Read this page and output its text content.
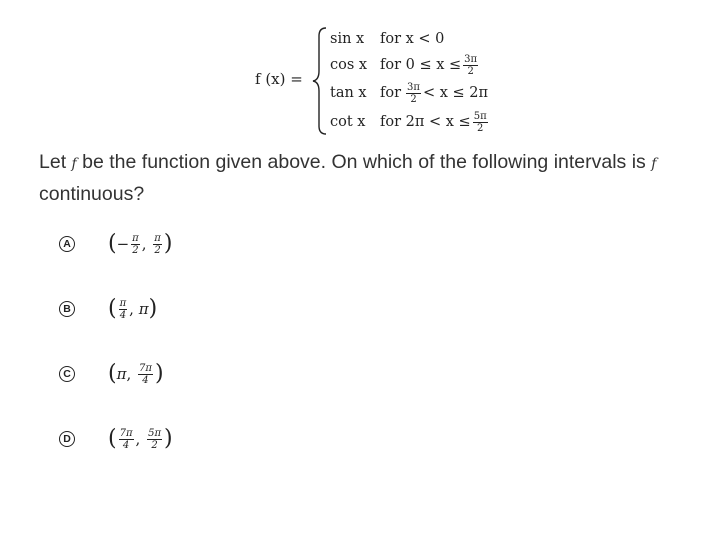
f (x) =
sin x	for x < 0
cos x for $0 \le x \le \frac{3\pi}{2}$
tan x for $\frac{3\pi}{2} < x \le 2\pi$
cot x	for $2\pi < x \le \frac{5\pi}{2}$
Let f be the function given above. On which of the following intervals is f continuous?
A ( − $\frac{\pi}{2}$ , $\frac{\pi}{2}$ )
B ( $\frac{\pi}{4}$ , π )
C ( π , $\frac{7\pi}{4}$ )
D ( $\frac{7\pi}{4}$ , $\frac{5\pi}{2}$ )
